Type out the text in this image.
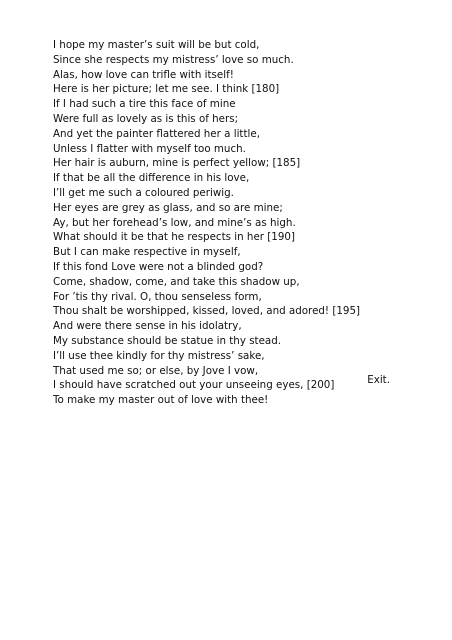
I hope my master’s suit will be but cold,
Since she respects my mistress’ love so much.
Alas, how love can trifle with itself!
Here is her picture; let me see. I think [180]
If I had such a tire this face of mine
Were full as lovely as is this of hers;
And yet the painter flattered her a little,
Unless I flatter with myself too much.
Her hair is auburn, mine is perfect yellow; [185]
If that be all the difference in his love,
I’ll get me such a coloured periwig.
Her eyes are grey as glass, and so are mine;
Ay, but her forehead’s low, and mine’s as high.
What should it be that he respects in her [190]
But I can make respective in myself,
If this fond Love were not a blinded god?
Come, shadow, come, and take this shadow up,
For ’tis thy rival. O, thou senseless form,
Thou shalt be worshipped, kissed, loved, and adored! [195]
And were there sense in his idolatry,
My substance should be statue in thy stead.
I’ll use thee kindly for thy mistress’ sake,
That used me so; or else, by Jove I vow,
I should have scratched out your unseeing eyes, [200]
To make my master out of love with thee!
Exit.
